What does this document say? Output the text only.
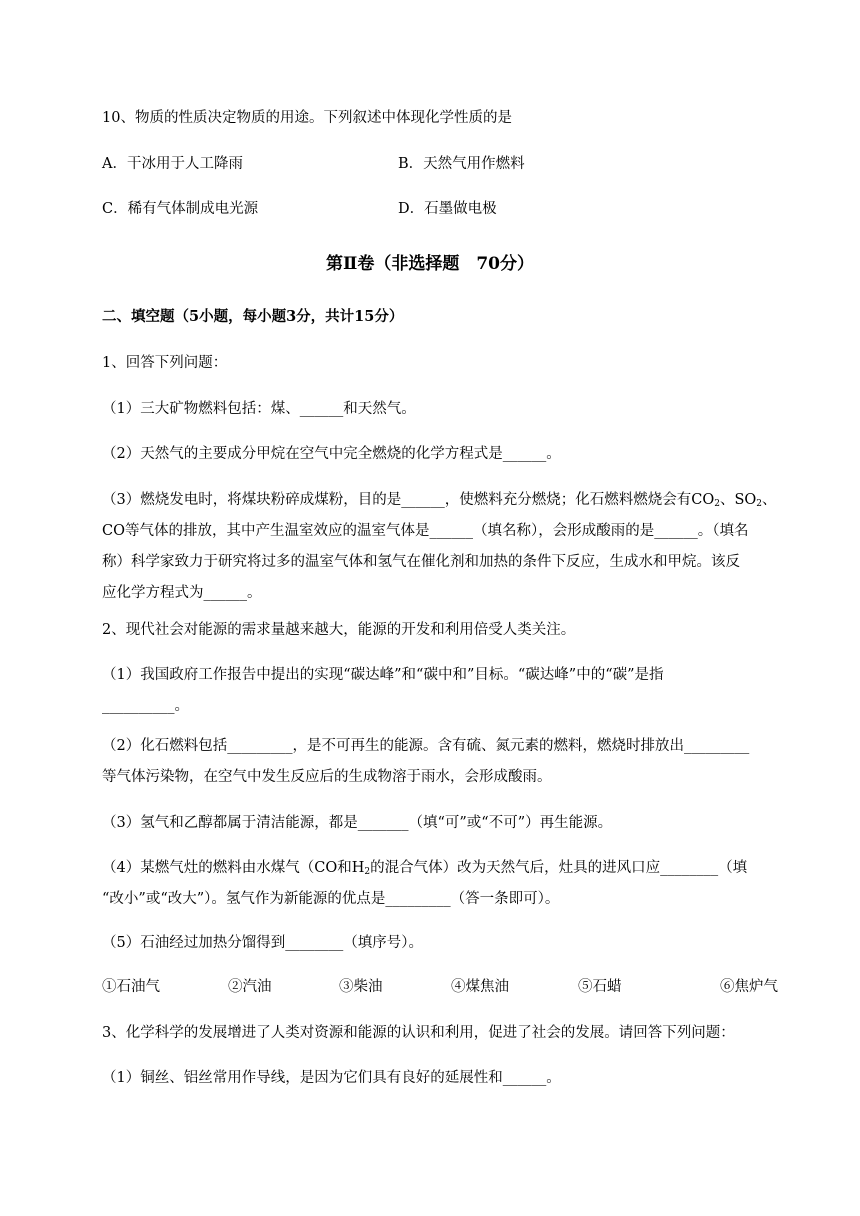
10、物质的性质决定物质的用途。下列叙述中体现化学性质的是
A．干冰用于人工降雨	B．天然气用作燃料
C．稀有气体制成电光源	D．石墨做电极
第Ⅱ卷（非选择题　70分）
二、填空题（5小题，每小题3分，共计15分）
1、回答下列问题：
（1）三大矿物燃料包括：煤、______和天然气。
（2）天然气的主要成分甲烷在空气中完全燃烧的化学方程式是______。
（3）燃烧发电时，将煤块粉碎成煤粉，目的是______，使燃料充分燃烧；化石燃料燃烧会有$CO_2$、$SO_2$、
CO等气体的排放，其中产生温室效应的温室气体是______（填名称），会形成酸雨的是______。（填名
称）科学家致力于研究将过多的温室气体和氢气在催化剂和加热的条件下反应，生成水和甲烷。该反
应化学方程式为______。
2、现代社会对能源的需求量越来越大，能源的开发和利用倍受人类关注。
（1）我国政府工作报告中提出的实现“碳达峰”和“碳中和”目标。“碳达峰”中的“碳”是指
__________。
（2）化石燃料包括_________，是不可再生的能源。含有硫、氮元素的燃料，燃烧时排放出_________
等气体污染物，在空气中发生反应后的生成物溶于雨水，会形成酸雨。
（3）氢气和乙醇都属于清洁能源，都是_______（填“可”或“不可”）再生能源。
（4）某燃气灶的燃料由水煤气（CO和$H_2$的混合气体）改为天然气后，灶具的进风口应________（填
“改小”或“改大”）。氢气作为新能源的优点是_________（答一条即可）。
（5）石油经过加热分馏得到________（填序号）。
①石油气	②汽油	③柴油	④煤焦油	⑤石蜡	⑥焦炉气
3、化学科学的发展增进了人类对资源和能源的认识和利用，促进了社会的发展。请回答下列问题：
（1）铜丝、铝丝常用作导线，是因为它们具有良好的延展性和______。
